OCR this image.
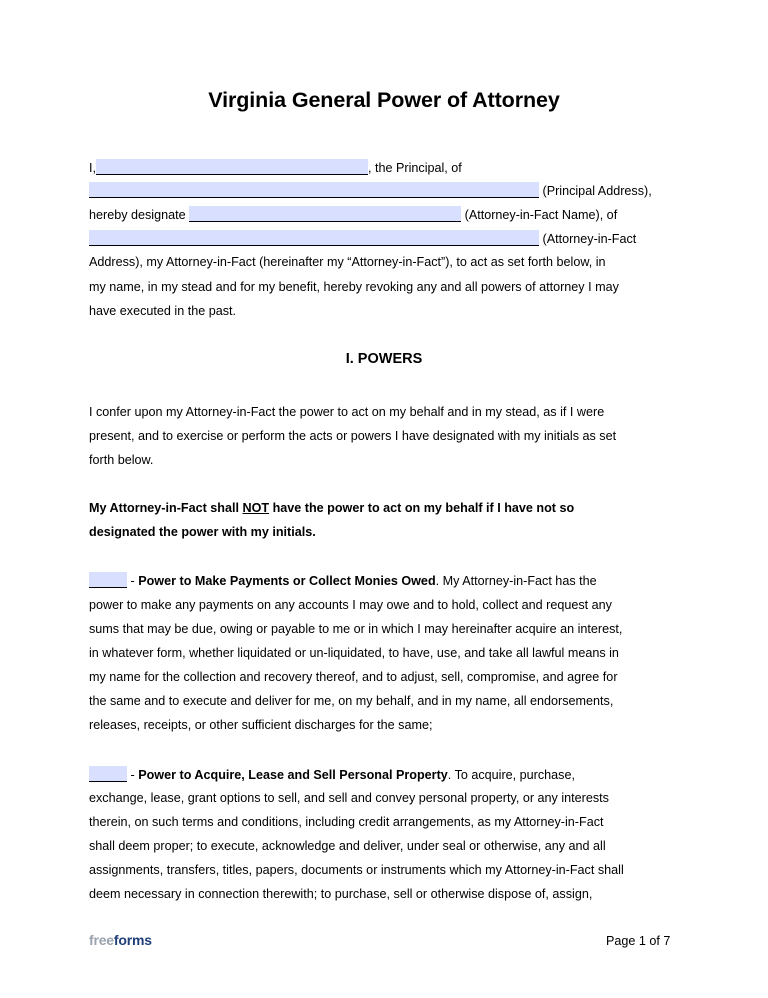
Virginia General Power of Attorney
I,	, the Principal, of
(Principal Address),
hereby designate	(Attorney-in-Fact Name), of
(Attorney-in-Fact
Address), my Attorney-in-Fact (hereinafter my “Attorney-in-Fact”), to act as set forth below, in
my name, in my stead and for my benefit, hereby revoking any and all powers of attorney I may
have executed in the past.
I. POWERS
I confer upon my Attorney-in-Fact the power to act on my behalf and in my stead, as if I were
present, and to exercise or perform the acts or powers I have designated with my initials as set
forth below.
My Attorney-in-Fact shall NOT have the power to act on my behalf if I have not so
designated the power with my initials.
- Power to Make Payments or Collect Monies Owed. My Attorney-in-Fact has the
power to make any payments on any accounts I may owe and to hold, collect and request any
sums that may be due, owing or payable to me or in which I may hereinafter acquire an interest,
in whatever form, whether liquidated or un-liquidated, to have, use, and take all lawful means in
my name for the collection and recovery thereof, and to adjust, sell, compromise, and agree for
the same and to execute and deliver for me, on my behalf, and in my name, all endorsements,
releases, receipts, or other sufficient discharges for the same;
- Power to Acquire, Lease and Sell Personal Property. To acquire, purchase,
exchange, lease, grant options to sell, and sell and convey personal property, or any interests
therein, on such terms and conditions, including credit arrangements, as my Attorney-in-Fact
shall deem proper; to execute, acknowledge and deliver, under seal or otherwise, any and all
assignments, transfers, titles, papers, documents or instruments which my Attorney-in-Fact shall
deem necessary in connection therewith; to purchase, sell or otherwise dispose of, assign,
freeforms	Page 1 of 7
